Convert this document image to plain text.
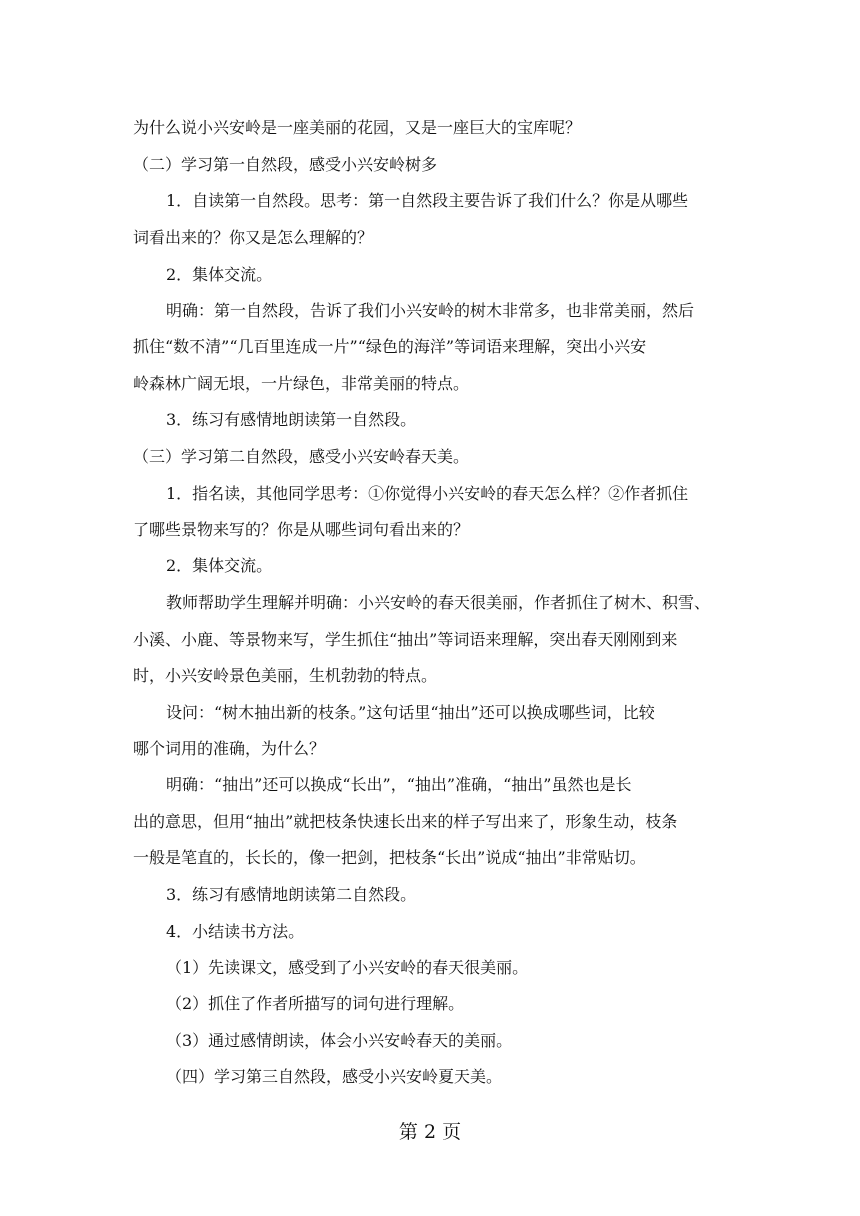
为什么说小兴安岭是一座美丽的花园，又是一座巨大的宝库呢？
（二）学习第一自然段，感受小兴安岭树多
1．自读第一自然段。思考：第一自然段主要告诉了我们什么？你是从哪些
词看出来的？你又是怎么理解的？
2．集体交流。
明确：第一自然段，告诉了我们小兴安岭的树木非常多，也非常美丽，然后
抓住“数不清”“几百里连成一片”“绿色的海洋”等词语来理解，突出小兴安
岭森林广阔无垠，一片绿色，非常美丽的特点。
3．练习有感情地朗读第一自然段。
（三）学习第二自然段，感受小兴安岭春天美。
1．指名读，其他同学思考：①你觉得小兴安岭的春天怎么样？②作者抓住
了哪些景物来写的？你是从哪些词句看出来的？
2．集体交流。
教师帮助学生理解并明确：小兴安岭的春天很美丽，作者抓住了树木、积雪、
小溪、小鹿、等景物来写，学生抓住“抽出”等词语来理解，突出春天刚刚到来
时，小兴安岭景色美丽，生机勃勃的特点。
设问：“树木抽出新的枝条。”这句话里“抽出”还可以换成哪些词，比较
哪个词用的准确，为什么？
明确：“抽出”还可以换成“长出”，“抽出”准确，“抽出”虽然也是长
出的意思，但用“抽出”就把枝条快速长出来的样子写出来了，形象生动，枝条
一般是笔直的，长长的，像一把剑，把枝条“长出”说成“抽出”非常贴切。
3．练习有感情地朗读第二自然段。
4．小结读书方法。
（1）先读课文，感受到了小兴安岭的春天很美丽。
（2）抓住了作者所描写的词句进行理解。
（3）通过感情朗读，体会小兴安岭春天的美丽。
（四）学习第三自然段，感受小兴安岭夏天美。
第 2 页
